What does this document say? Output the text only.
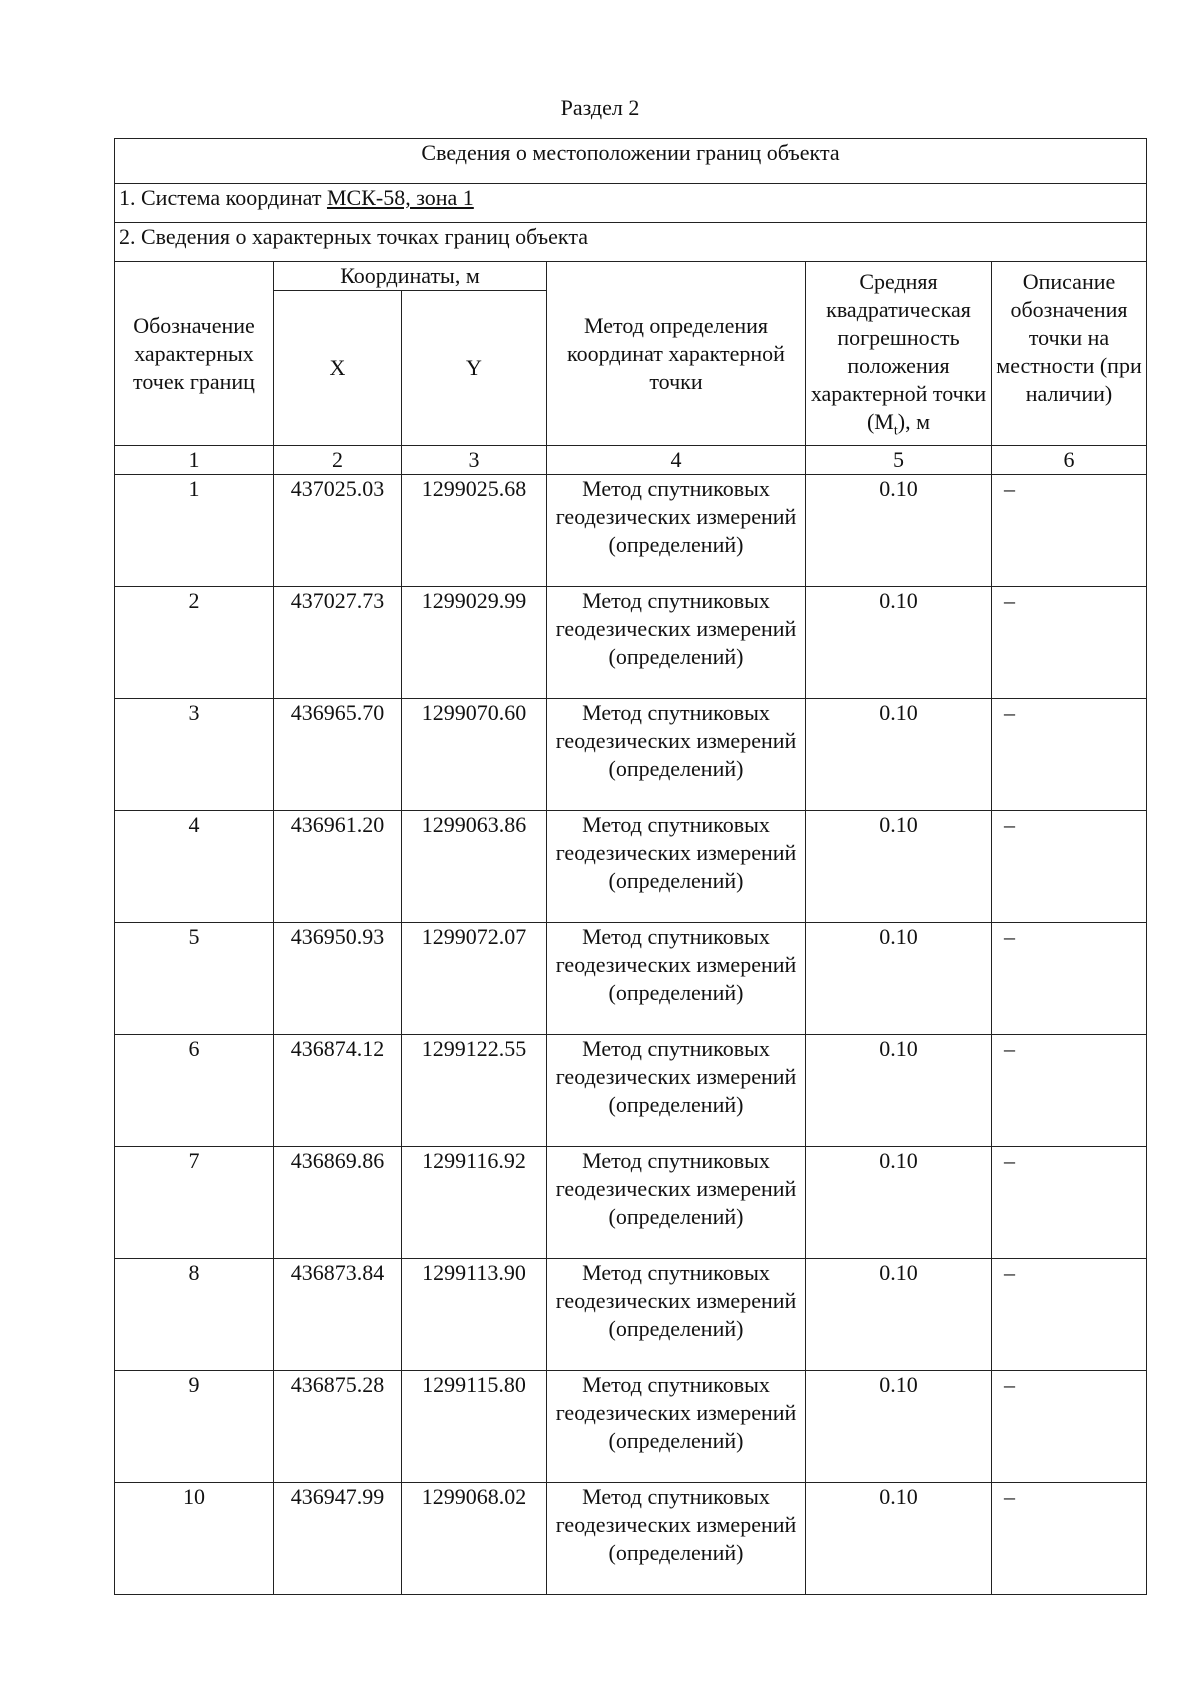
Раздел 2
Сведения о местоположении границ объекта					
1. Система координат МСК-58, зона 1					
2. Сведения о характерных точках границ объекта					
Обозначение характерных точек границ	Координаты, м		Метод определения координат характерной точки	Средняя квадратическая погрешность положения характерной точки $(M_t)$, м	Описание обозначения точки на местности (при наличии)
	X	Y			
1	2	3	4	5	6
1	437025.03	1299025.68	Метод спутниковых геодезических измерений (определений)	0.10	–
2	437027.73	1299029.99	Метод спутниковых геодезических измерений (определений)	0.10	–
3	436965.70	1299070.60	Метод спутниковых геодезических измерений (определений)	0.10	–
4	436961.20	1299063.86	Метод спутниковых геодезических измерений (определений)	0.10	–
5	436950.93	1299072.07	Метод спутниковых геодезических измерений (определений)	0.10	–
6	436874.12	1299122.55	Метод спутниковых геодезических измерений (определений)	0.10	–
7	436869.86	1299116.92	Метод спутниковых геодезических измерений (определений)	0.10	–
8	436873.84	1299113.90	Метод спутниковых геодезических измерений (определений)	0.10	–
9	436875.28	1299115.80	Метод спутниковых геодезических измерений (определений)	0.10	–
10	436947.99	1299068.02	Метод спутниковых геодезических измерений (определений)	0.10	–
